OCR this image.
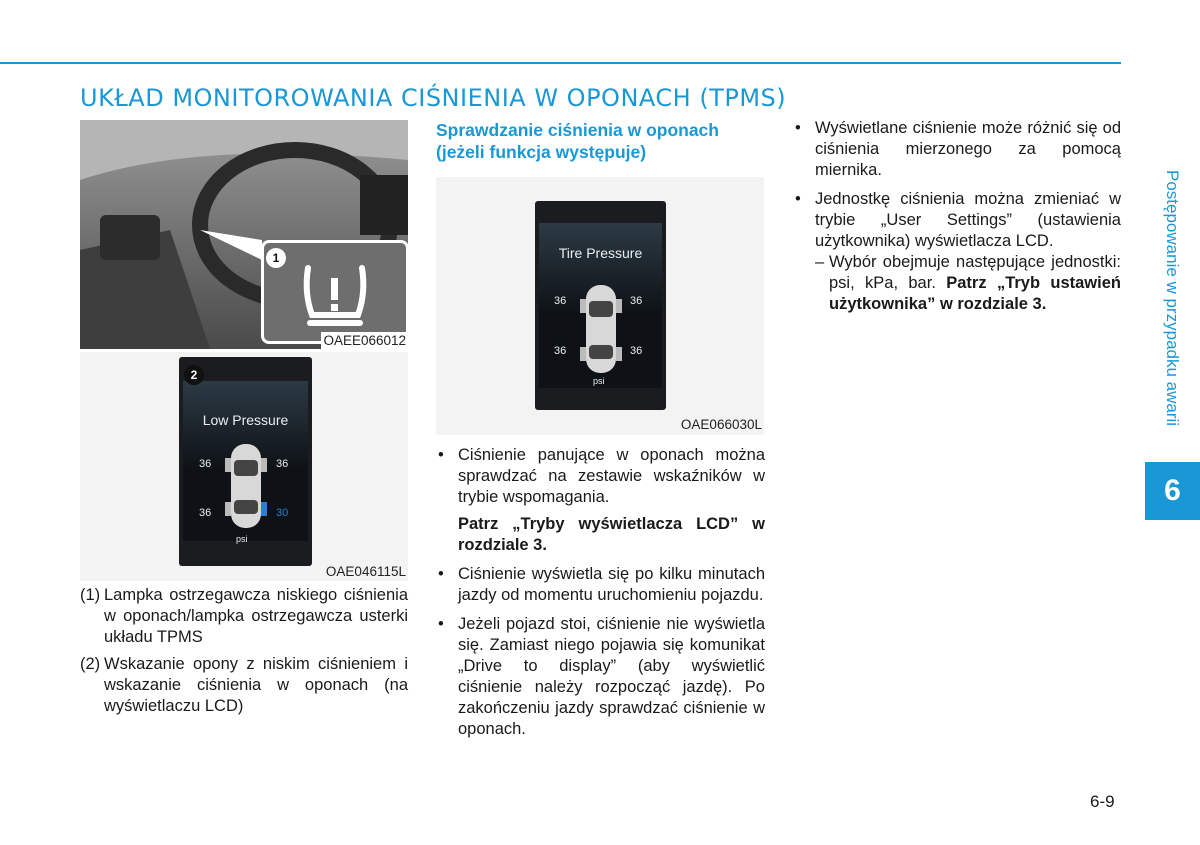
UKŁAD MONITOROWANIA CIŚNIENIA W OPONACH (TPMS)
Postępowanie w przypadku awarii
6
1
OAEE066012
Low Pressure
36	36
36	30
psi
2
OAE046115L
Sprawdzanie ciśnienia w oponach (jeżeli funkcja występuje)
Tire Pressure
36	36
36	36
psi
OAE066030L
(1) Lampka ostrzegawcza niskiego ciśnienia w oponach/lampka ostrzegawcza usterki układu TPMS
(2) Wskazanie opony z niskim ciśnieniem i wskazanie ciśnienia w oponach (na wyświetlaczu LCD)
• Ciśnienie panujące w oponach można sprawdzać na zestawie wskaźników w trybie wspomagania.
Patrz „Tryby wyświetlacza LCD” w rozdziale 3.
• Ciśnienie wyświetla się po kilku minutach jazdy od momentu uruchomieniu pojazdu.
• Jeżeli pojazd stoi, ciśnienie nie wyświetla się. Zamiast niego pojawia się komunikat „Drive to display” (aby wyświetlić ciśnienie należy rozpocząć jazdę). Po zakończeniu jazdy sprawdzać ciśnienie w oponach.
• Wyświetlane ciśnienie może różnić się od ciśnienia mierzonego za pomocą miernika.
• Jednostkę ciśnienia można zmieniać w trybie „User Settings” (ustawienia użytkownika) wyświetlacza LCD.
– Wybór obejmuje następujące jednostki: psi, kPa, bar. Patrz „Tryb ustawień użytkownika” w rozdziale 3.
6-9
